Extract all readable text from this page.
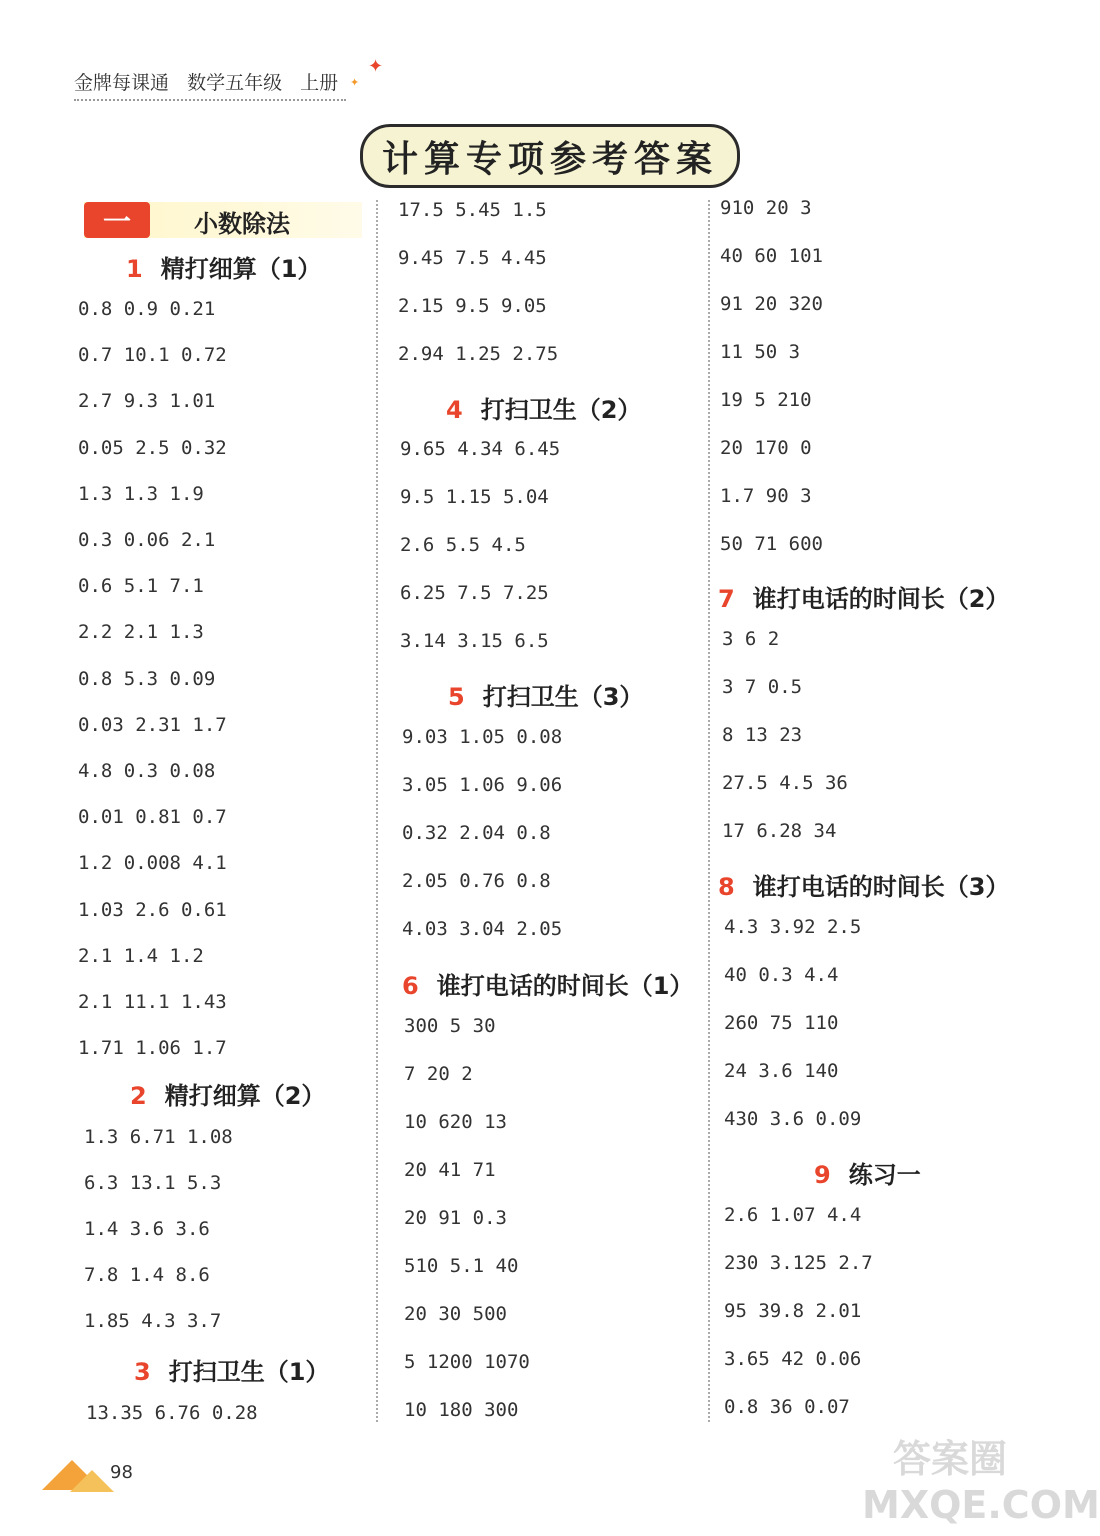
金牌每课通 数学五年级 上册
✦
✦
计算专项参考答案
一	小数除法
1 精打细算（1）
0.8 0.9 0.21
0.7 10.1 0.72
2.7 9.3 1.01
0.05 2.5 0.32
1.3 1.3 1.9
0.3 0.06 2.1
0.6 5.1 7.1
2.2 2.1 1.3
0.8 5.3 0.09
0.03 2.31 1.7
4.8 0.3 0.08
0.01 0.81 0.7
1.2 0.008 4.1
1.03 2.6 0.61
2.1 1.4 1.2
2.1 11.1 1.43
1.71 1.06 1.7
2 精打细算（2）
1.3 6.71 1.08
6.3 13.1 5.3
1.4 3.6 3.6
7.8 1.4 8.6
1.85 4.3 3.7
3 打扫卫生（1）
13.35 6.76 0.28
17.5 5.45 1.5
9.45 7.5 4.45
2.15 9.5 9.05
2.94 1.25 2.75
4 打扫卫生（2）
9.65 4.34 6.45
9.5 1.15 5.04
2.6 5.5 4.5
6.25 7.5 7.25
3.14 3.15 6.5
5 打扫卫生（3）
9.03 1.05 0.08
3.05 1.06 9.06
0.32 2.04 0.8
2.05 0.76 0.8
4.03 3.04 2.05
6 谁打电话的时间长（1）
300 5 30
7 20 2
10 620 13
20 41 71
20 91 0.3
510 5.1 40
20 30 500
5 1200 1070
10 180 300
910 20 3
40 60 101
91 20 320
11 50 3
19 5 210
20 170 0
1.7 90 3
50 71 600
7 谁打电话的时间长（2）
3 6 2
3 7 0.5
8 13 23
27.5 4.5 36
17 6.28 34
8 谁打电话的时间长（3）
4.3 3.92 2.5
40 0.3 4.4
260 75 110
24 3.6 140
430 3.6 0.09
9 练习一
2.6 1.07 4.4
230 3.125 2.7
95 39.8 2.01
3.65 42 0.06
0.8 36 0.07
98	答案圈 MXQE.COM
